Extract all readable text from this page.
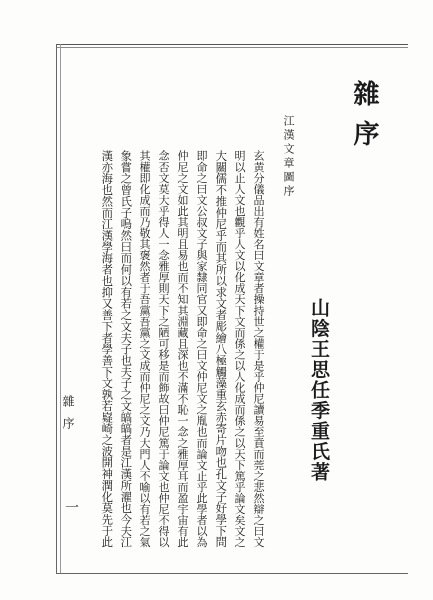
雜序
山陰王思任季重氏著
江漢文章圖序
玄黄分儀品出有姓名曰文章者操持世之權于是乎仲尼讀易至賁而莞之悲然辯之曰文
明以止人文也觀乎人文以化成天下文而係之以人化成而係之以天下篤乎論文矣文之
大關儒不推仲尼乎而其所以求文者彫繪八極觸藻重玄赤寄片吻也孔文子好學下問
即命之曰文公叔文子與家隸同官又即命之曰文仲尼文之胤也而論文止乎此學者以為
仲尼之文如此其明且易也而不知其淵藏且深也不滿不恥一念之雅厚耳而盈宇宙有此
念否文莫大乎得人一念雅厚則天下之陋可移是而飾故曰仲尼篤于論文也仲尼不得以
其權即化成而乃敬其褒然者于吾黨吾黨之文成而仲尼之文乃大門人不喻以有若之氣
象嘗之曾氏子嗚然曰而何以有若之文夫子也夫子之文皜皜者是江漢所濯也今夫江
漢亦海也然而江漢學海者也抑又善下者學善下文孰若嶷崎之波開神潤化莫先于此
雜序
一
